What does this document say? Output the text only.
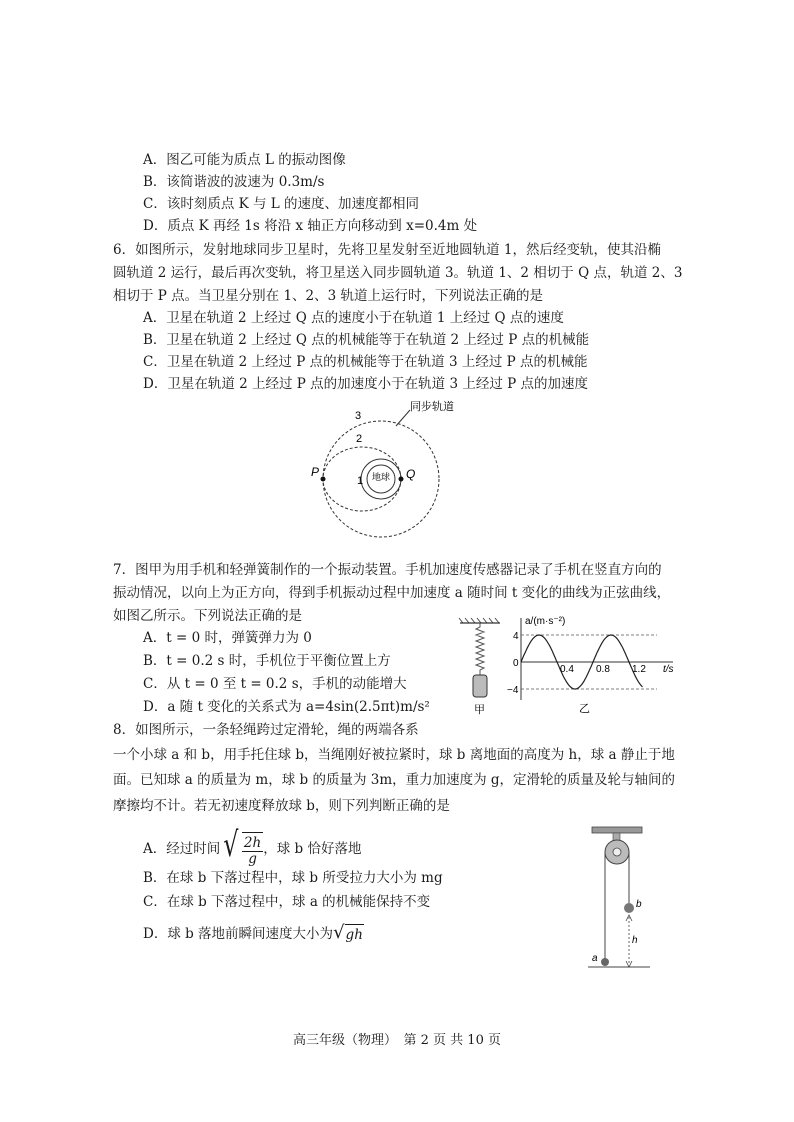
A．图乙可能为质点 L 的振动图像
B．该简谐波的波速为 0.3m/s
C．该时刻质点 K 与 L 的速度、加速度都相同
D．质点 K 再经 1s 将沿 x 轴正方向移动到 x=0.4m 处
6．如图所示，发射地球同步卫星时，先将卫星发射至近地圆轨道 1，然后经变轨，使其沿椭
圆轨道 2 运行，最后再次变轨，将卫星送入同步圆轨道 3。轨道 1、2 相切于 Q 点，轨道 2、3
相切于 P 点。当卫星分别在 1、2、3 轨道上运行时，下列说法正确的是
A．卫星在轨道 2 上经过 Q 点的速度小于在轨道 1 上经过 Q 点的速度
B．卫星在轨道 2 上经过 Q 点的机械能等于在轨道 2 上经过 P 点的机械能
C．卫星在轨道 2 上经过 P 点的机械能等于在轨道 3 上经过 P 点的机械能
D．卫星在轨道 2 上经过 P 点的加速度小于在轨道 3 上经过 P 点的加速度
3
2
1 地球
同步轨道
P	Q
7．图甲为用手机和轻弹簧制作的一个振动装置。手机加速度传感器记录了手机在竖直方向的
振动情况，以向上为正方向，得到手机振动过程中加速度 a 随时间 t 变化的曲线为正弦曲线，
如图乙所示。下列说法正确的是
A．t = 0 时，弹簧弹力为 0
B．t = 0.2 s 时，手机位于平衡位置上方
C．从 t = 0 至 t = 0.2 s，手机的动能增大
D．a 随 t 变化的关系式为 a=4sin(2.5πt)m/s²	甲
a/(m·s⁻²)
t/s
4
0
−4
0.4 0.8 1.2
乙
8．如图所示，一条轻绳跨过定滑轮，绳的两端各系
一个小球 a 和 b，用手托住球 b，当绳刚好被拉紧时，球 b 离地面的高度为 h，球 a 静止于地
面。已知球 a 的质量为 m，球 b 的质量为 3m，重力加速度为 g，定滑轮的质量及轮与轴间的
摩擦均不计。若无初速度释放球 b，则下列判断正确的是
A．经过时间 √ $\frac{2h}{g}$ ，球 b 恰好落地
B．在球 b 下落过程中，球 b 所受拉力大小为 mg
C．在球 b 下落过程中，球 a 的机械能保持不变
D．球 b 落地前瞬间速度大小为 √ gh
a
b
h
高三年级（物理）　第 2 页 共 10 页
